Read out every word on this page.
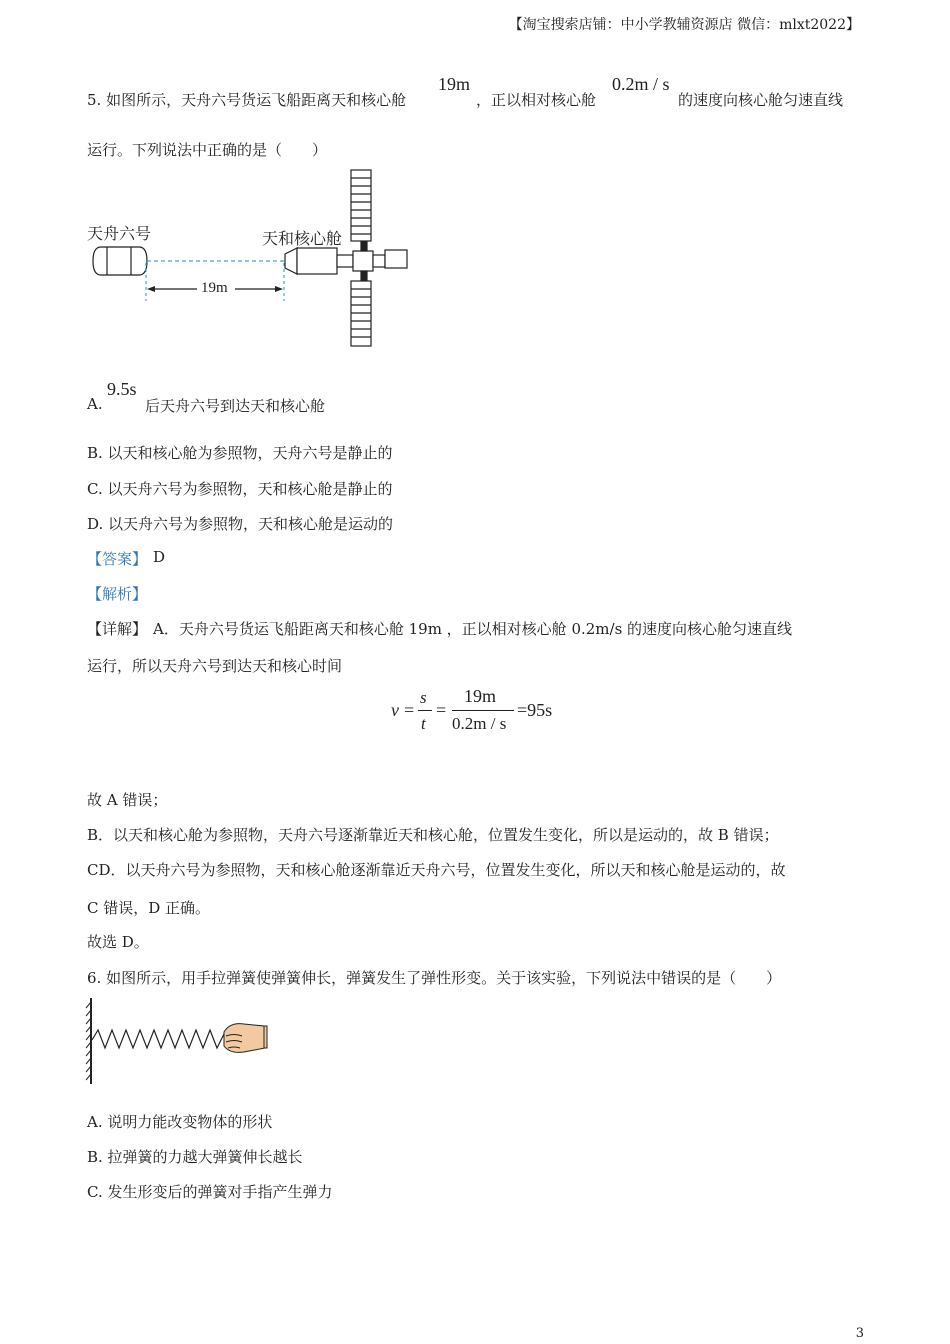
【淘宝搜索店铺：中小学教辅资源店 微信：mlxt2022】
5. 如图所示，天舟六号货运飞船距离天和核心舱
19m
，正以相对核心舱
0.2m / s
的速度向核心舱匀速直线
运行。下列说法中正确的是（　　）
天舟六号	天和核心舱
19m
A.
9.5s
后天舟六号到达天和核心舱
B. 以天和核心舱为参照物，天舟六号是静止的
C. 以天舟六号为参照物，天和核心舱是静止的
D. 以天舟六号为参照物，天和核心舱是运动的
【答案】 D
【解析】
【详解】 A．天舟六号货运飞船距离天和核心舱 19m ，正以相对核心舱 0.2m/s 的速度向核心舱匀速直线
运行，所以天舟六号到达天和核心时间
v =
s
t
=
19m
0.2m / s
=95s
故 A 错误；
B．以天和核心舱为参照物，天舟六号逐渐靠近天和核心舱，位置发生变化，所以是运动的，故 B 错误；
CD．以天舟六号为参照物，天和核心舱逐渐靠近天舟六号，位置发生变化，所以天和核心舱是运动的，故
C 错误，D 正确。
故选 D。
6. 如图所示，用手拉弹簧使弹簧伸长，弹簧发生了弹性形变。关于该实验，下列说法中错误的是（　　）
A. 说明力能改变物体的形状
B. 拉弹簧的力越大弹簧伸长越长
C. 发生形变后的弹簧对手指产生弹力
3
